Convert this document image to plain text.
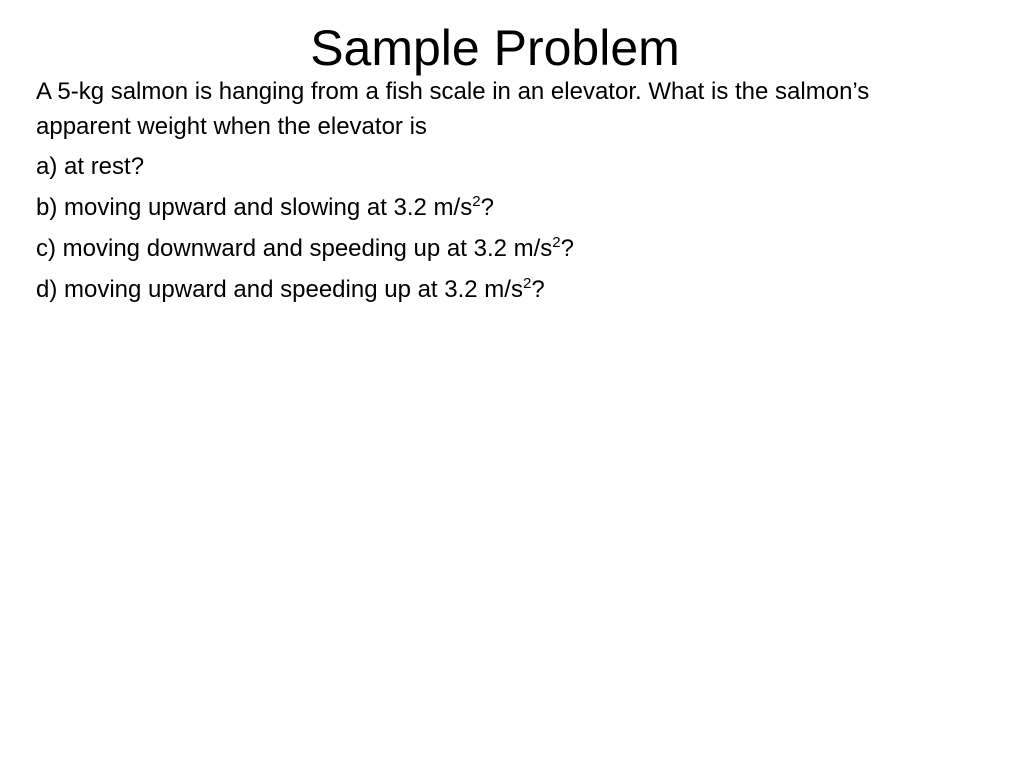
Sample Problem

A 5-kg salmon is hanging from a fish scale in an elevator. What is the salmon’s apparent weight when the elevator is

a) at rest?

b) moving upward and slowing at 3.2 $m/s^2$?

c) moving downward and speeding up at 3.2 $m/s^2$?

d) moving upward and speeding up at 3.2 $m/s^2$?
